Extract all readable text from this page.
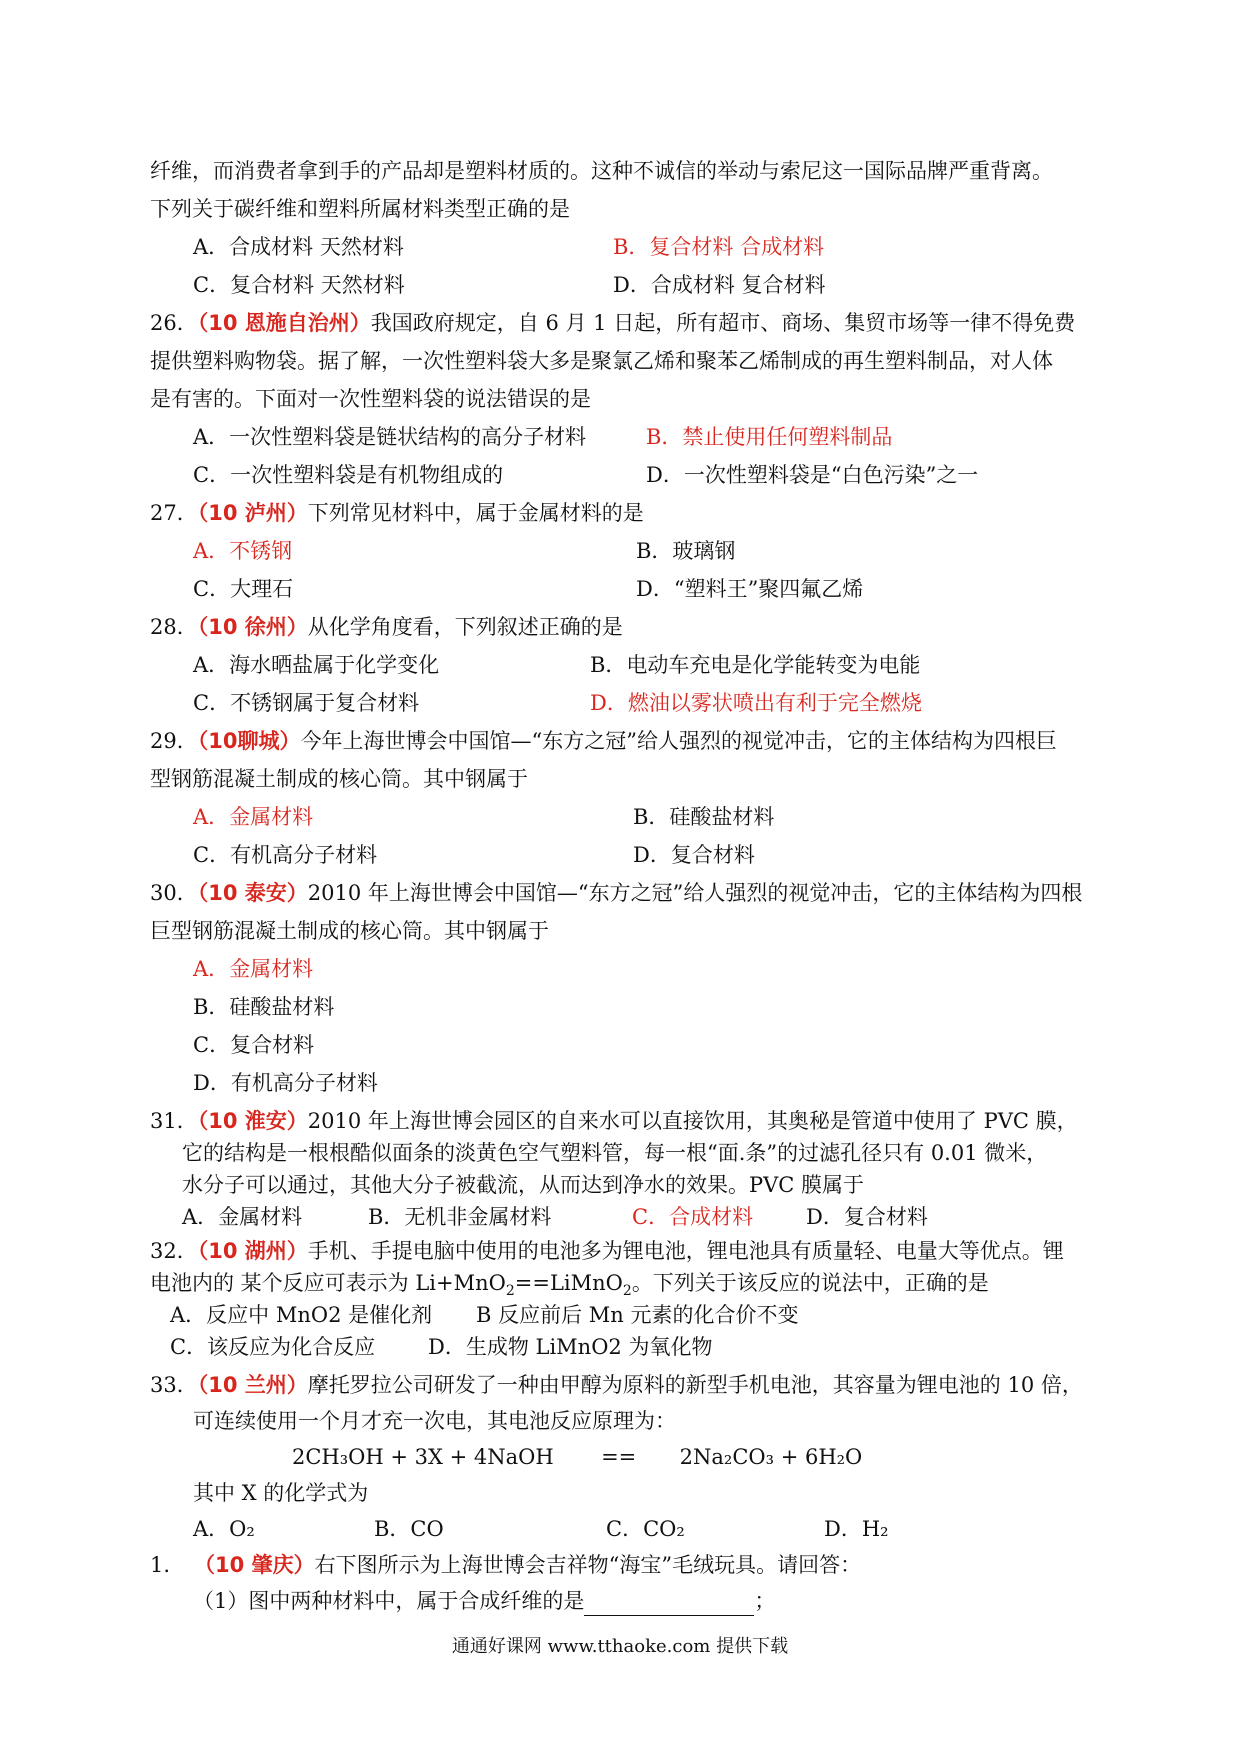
纤维，而消费者拿到手的产品却是塑料材质的。这种不诚信的举动与索尼这一国际品牌严重背离。
下列关于碳纤维和塑料所属材料类型正确的是
A．合成材料 天然材料	B．复合材料 合成材料
C．复合材料 天然材料	D．合成材料 复合材料
26．（10 恩施自治州）我国政府规定，自 6 月 1 日起，所有超市、商场、集贸市场等一律不得免费
提供塑料购物袋。据了解，一次性塑料袋大多是聚氯乙烯和聚苯乙烯制成的再生塑料制品，对人体
是有害的。下面对一次性塑料袋的说法错误的是
A．一次性塑料袋是链状结构的高分子材料	B．禁止使用任何塑料制品
C．一次性塑料袋是有机物组成的	D．一次性塑料袋是“白色污染”之一
27．（10 泸州）下列常见材料中，属于金属材料的是
A．不锈钢	B．玻璃钢
C．大理石	D．“塑料王”聚四氟乙烯
28．（10 徐州）从化学角度看，下列叙述正确的是
A．海水晒盐属于化学变化	B．电动车充电是化学能转变为电能
C．不锈钢属于复合材料	D．燃油以雾状喷出有利于完全燃烧
29．（10聊城）今年上海世博会中国馆—“东方之冠”给人强烈的视觉冲击，它的主体结构为四根巨
型钢筋混凝土制成的核心筒。其中钢属于
A．金属材料	B．硅酸盐材料
C．有机高分子材料	D．复合材料
30．（10 泰安）2010 年上海世博会中国馆—“东方之冠”给人强烈的视觉冲击，它的主体结构为四根
巨型钢筋混凝土制成的核心筒。其中钢属于
A．金属材料
B．硅酸盐材料
C．复合材料
D．有机高分子材料
31．（10 淮安）2010 年上海世博会园区的自来水可以直接饮用，其奥秘是管道中使用了 PVC 膜，
它的结构是一根根酷似面条的淡黄色空气塑料管，每一根“面.条”的过滤孔径只有 0.01 微米，
水分子可以通过，其他大分子被截流，从而达到净水的效果。PVC 膜属于
A．金属材料	B．无机非金属材料	C．合成材料	D．复合材料
32．（10 湖州）手机、手提电脑中使用的电池多为锂电池，锂电池具有质量轻、电量大等优点。锂
电池内的 某个反应可表示为 Li+MnO$_2$==LiMnO$_2$。下列关于该反应的说法中，正确的是
A．反应中 MnO2 是催化剂 B 反应前后 Mn 元素的化合价不变
C．该反应为化合反应	D．生成物 LiMnO2 为氧化物
33．（10 兰州）摩托罗拉公司研发了一种由甲醇为原料的新型手机电池，其容量为锂电池的 10 倍，
可连续使用一个月才充一次电，其电池反应原理为：
2CH₃OH + 3X + 4NaOH == 2Na₂CO₃ + 6H₂O
其中 X 的化学式为
A．O₂	B．CO	C．CO₂	D．H₂
1. （10 肇庆）右下图所示为上海世博会吉祥物“海宝”毛绒玩具。请回答：
（1）图中两种材料中，属于合成纤维的是	；
通通好课网 www.tthaoke.com 提供下载
